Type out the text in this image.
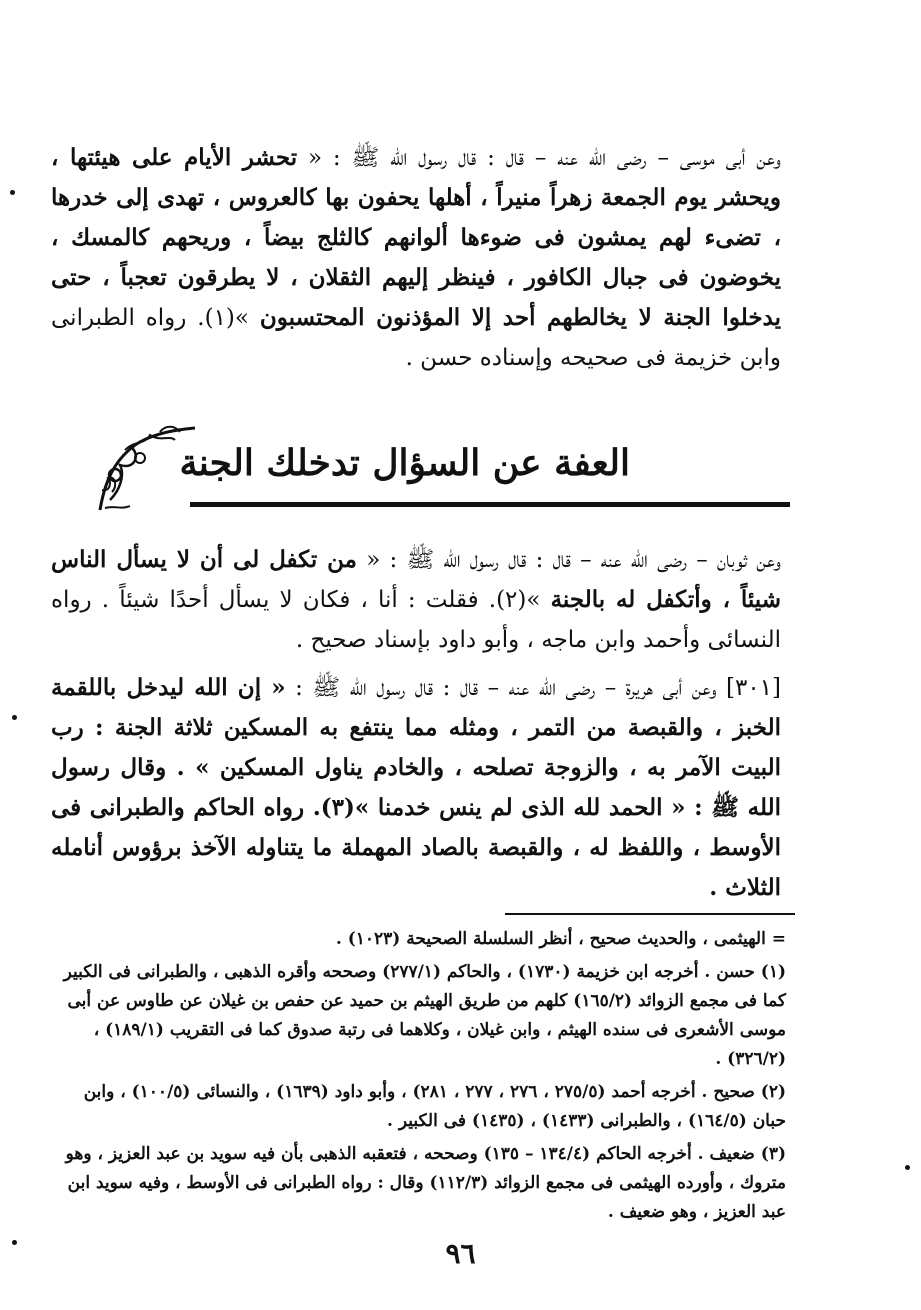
وعن أبى موسى – رضى الله عنه – قال : قال رسول الله ﷺ : « تحشر الأيام على هيئتها ، ويحشر يوم الجمعة زهراً منيراً ، أهلها يحفون بها كالعروس ، تهدى إلى خدرها ، تضىء لهم يمشون فى ضوءها ألوانهم كالثلج بيضاً ، وريحهم كالمسك ، يخوضون فى جبال الكافور ، فينظر إليهم الثقلان ، لا يطرقون تعجباً ، حتى يدخلوا الجنة لا يخالطهم أحد إلا المؤذنون المحتسبون »(١). رواه الطبرانى وابن خزيمة فى صحيحه وإسناده حسن .

العفة عن السؤال تدخلك الجنة

وعن ثوبان – رضى الله عنه – قال : قال رسول الله ﷺ : « من تكفل لى أن لا يسأل الناس شيئاً ، وأتكفل له بالجنة »(٢). فقلت : أنا ، فكان لا يسأل أحدًا شيئاً . رواه النسائى وأحمد وابن ماجه ، وأبو داود بإسناد صحيح .

[٣٠١] وعن أبى هريرة – رضى الله عنه – قال : قال رسول الله ﷺ : « إن الله ليدخل باللقمة الخبز ، والقبصة من التمر ، ومثله مما ينتفع به المسكين ثلاثة الجنة : رب البيت الآمر به ، والزوجة تصلحه ، والخادم يناول المسكين » . وقال رسول الله ﷺ : « الحمد لله الذى لم ينس خدمنا »(٣). رواه الحاكم والطبرانى فى الأوسط ، واللفظ له ، والقبصة بالصاد المهملة ما يتناوله الآخذ برؤوس أنامله الثلاث .

= الهيثمى ، والحديث صحيح ، أنظر السلسلة الصحيحة (١٠٢٣) .

(١) حسن . أخرجه ابن خزيمة (١٧٣٠) ، والحاكم (٢٧٧/١) وصححه وأقره الذهبى ، والطبرانى فى الكبير كما فى مجمع الزوائد (١٦٥/٢) كلهم من طريق الهيثم بن حميد عن حفص بن غيلان عن طاوس عن أبى موسى الأشعرى فى سنده الهيثم ، وابن غيلان ، وكلاهما فى رتبة صدوق كما فى التقريب (١٨٩/١) ، (٣٢٦/٢) .

(٢) صحيح . أخرجه أحمد (٢٧٥/٥ ، ٢٧٦ ، ٢٧٧ ، ٢٨١) ، وأبو داود (١٦٣٩) ، والنسائى (١٠٠/٥) ، وابن حبان (١٦٤/٥) ، والطبرانى (١٤٣٣) ، (١٤٣٥) فى الكبير .

(٣) ضعيف . أخرجه الحاكم (١٣٤/٤ – ١٣٥) وصححه ، فتعقبه الذهبى بأن فيه سويد بن عبد العزيز ، وهو متروك ، وأورده الهيثمى فى مجمع الزوائد (١١٢/٣) وقال : رواه الطبرانى فى الأوسط ، وفيه سويد ابن عبد العزيز ، وهو ضعيف .

٩٦
